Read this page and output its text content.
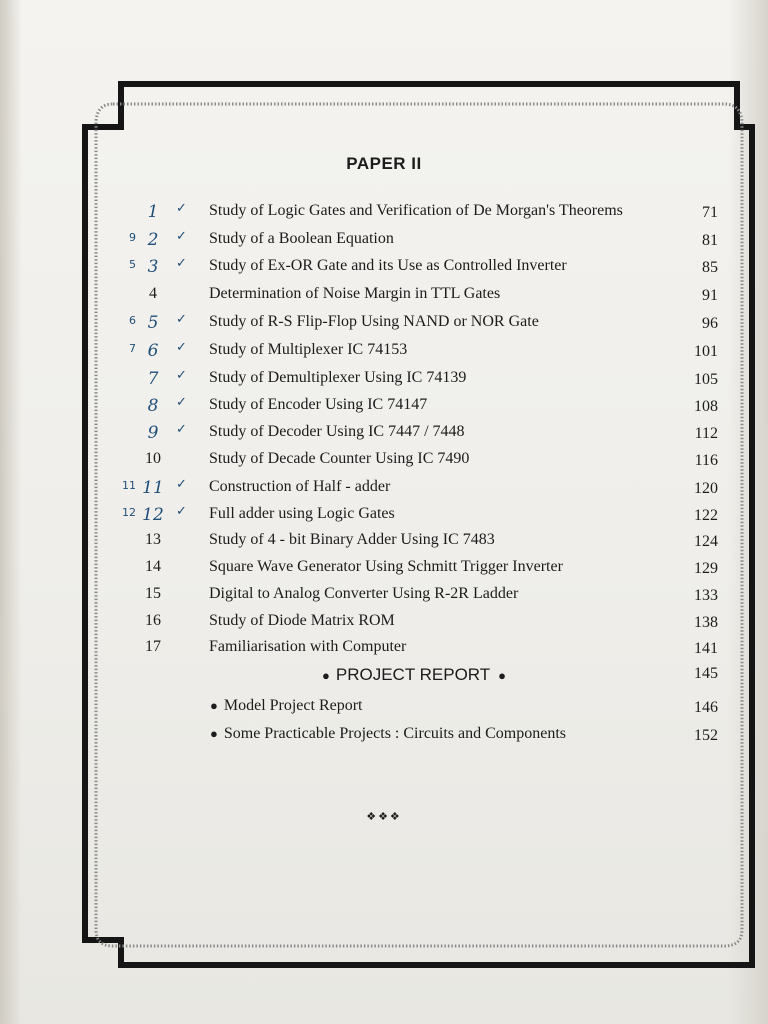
PAPER II
1	✓ Study of Logic Gates and Verification of De Morgan's Theorems	71
9 2	✓ Study of a Boolean Equation	81
5 3	✓ Study of Ex-OR Gate and its Use as Controlled Inverter	85
4	Determination of Noise Margin in TTL Gates	91
6 5	✓ Study of R-S Flip-Flop Using NAND or NOR Gate	96
7 6	✓ Study of Multiplexer IC 74153	101
7	✓ Study of Demultiplexer Using IC 74139	105
8	✓ Study of Encoder Using IC 74147	108
9	✓ Study of Decoder Using IC 7447 / 7448	112
10	Study of Decade Counter Using IC 7490	116
11 11 ✓ Construction of Half - adder	120
12 12 ✓ Full adder using Logic Gates	122
13	Study of 4 - bit Binary Adder Using IC 7483	124
14	Square Wave Generator Using Schmitt Trigger Inverter	129
15	Digital to Analog Converter Using R-2R Ladder	133
16	Study of Diode Matrix ROM	138
17	Familiarisation with Computer	141
● PROJECT REPORT ●	145
● Model Project Report	146
● Some Practicable Projects : Circuits and Components	152
❖❖❖
